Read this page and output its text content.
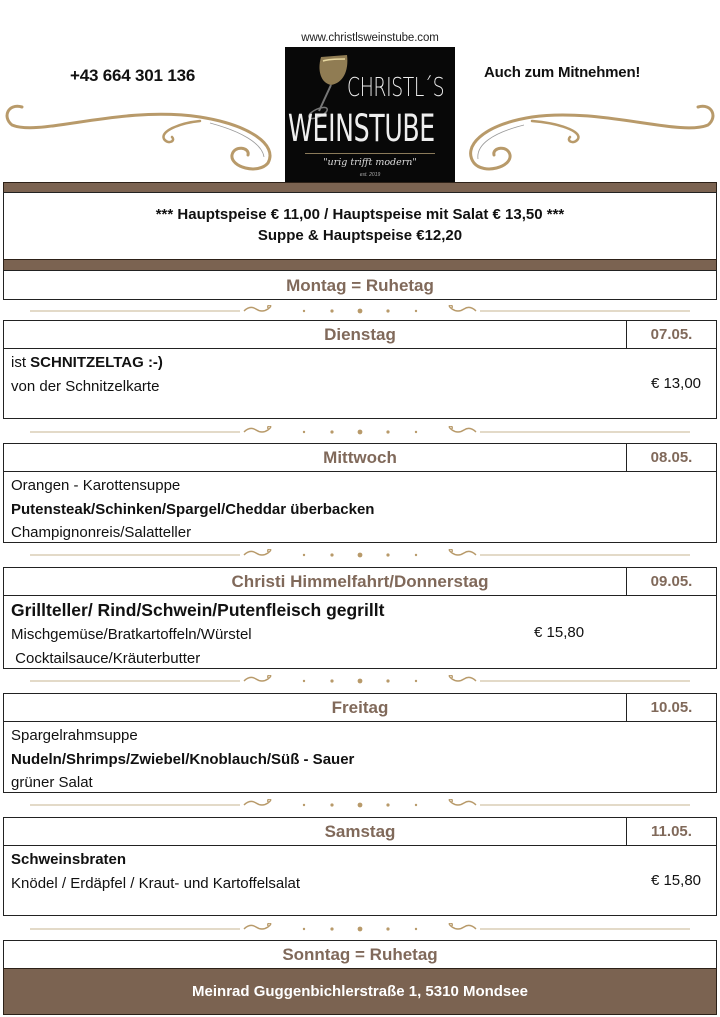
www.christlsweinstube.com
+43 664 301 136	Auch zum Mitnehmen!
CHRISTL´S
WEINSTUBE
"urig trifft modern"
est. 2019
*** Hauptspeise € 11,00 / Hauptspeise mit Salat € 13,50 ***
Suppe & Hauptspeise €12,20
Montag = Ruhetag
Dienstag	07.05.
ist SCHNITZELTAG :-)
von der Schnitzelkarte	€ 13,00
Mittwoch	08.05.
Orangen - Karottensuppe
Putensteak/Schinken/Spargel/Cheddar überbacken
Champignonreis/Salatteller
Christi Himmelfahrt/Donnerstag	09.05.
Grillteller/ Rind/Schwein/Putenfleisch gegrillt
Mischgemüse/Bratkartoffeln/Würstel
Cocktailsauce/Kräuterbutter
€ 15,80
Freitag	10.05.
Spargelrahmsuppe
Nudeln/Shrimps/Zwiebel/Knoblauch/Süß - Sauer
grüner Salat
Samstag	11.05.
Schweinsbraten
Knödel / Erdäpfel / Kraut- und Kartoffelsalat	€ 15,80
Sonntag = Ruhetag
Meinrad Guggenbichlerstraße 1, 5310 Mondsee
